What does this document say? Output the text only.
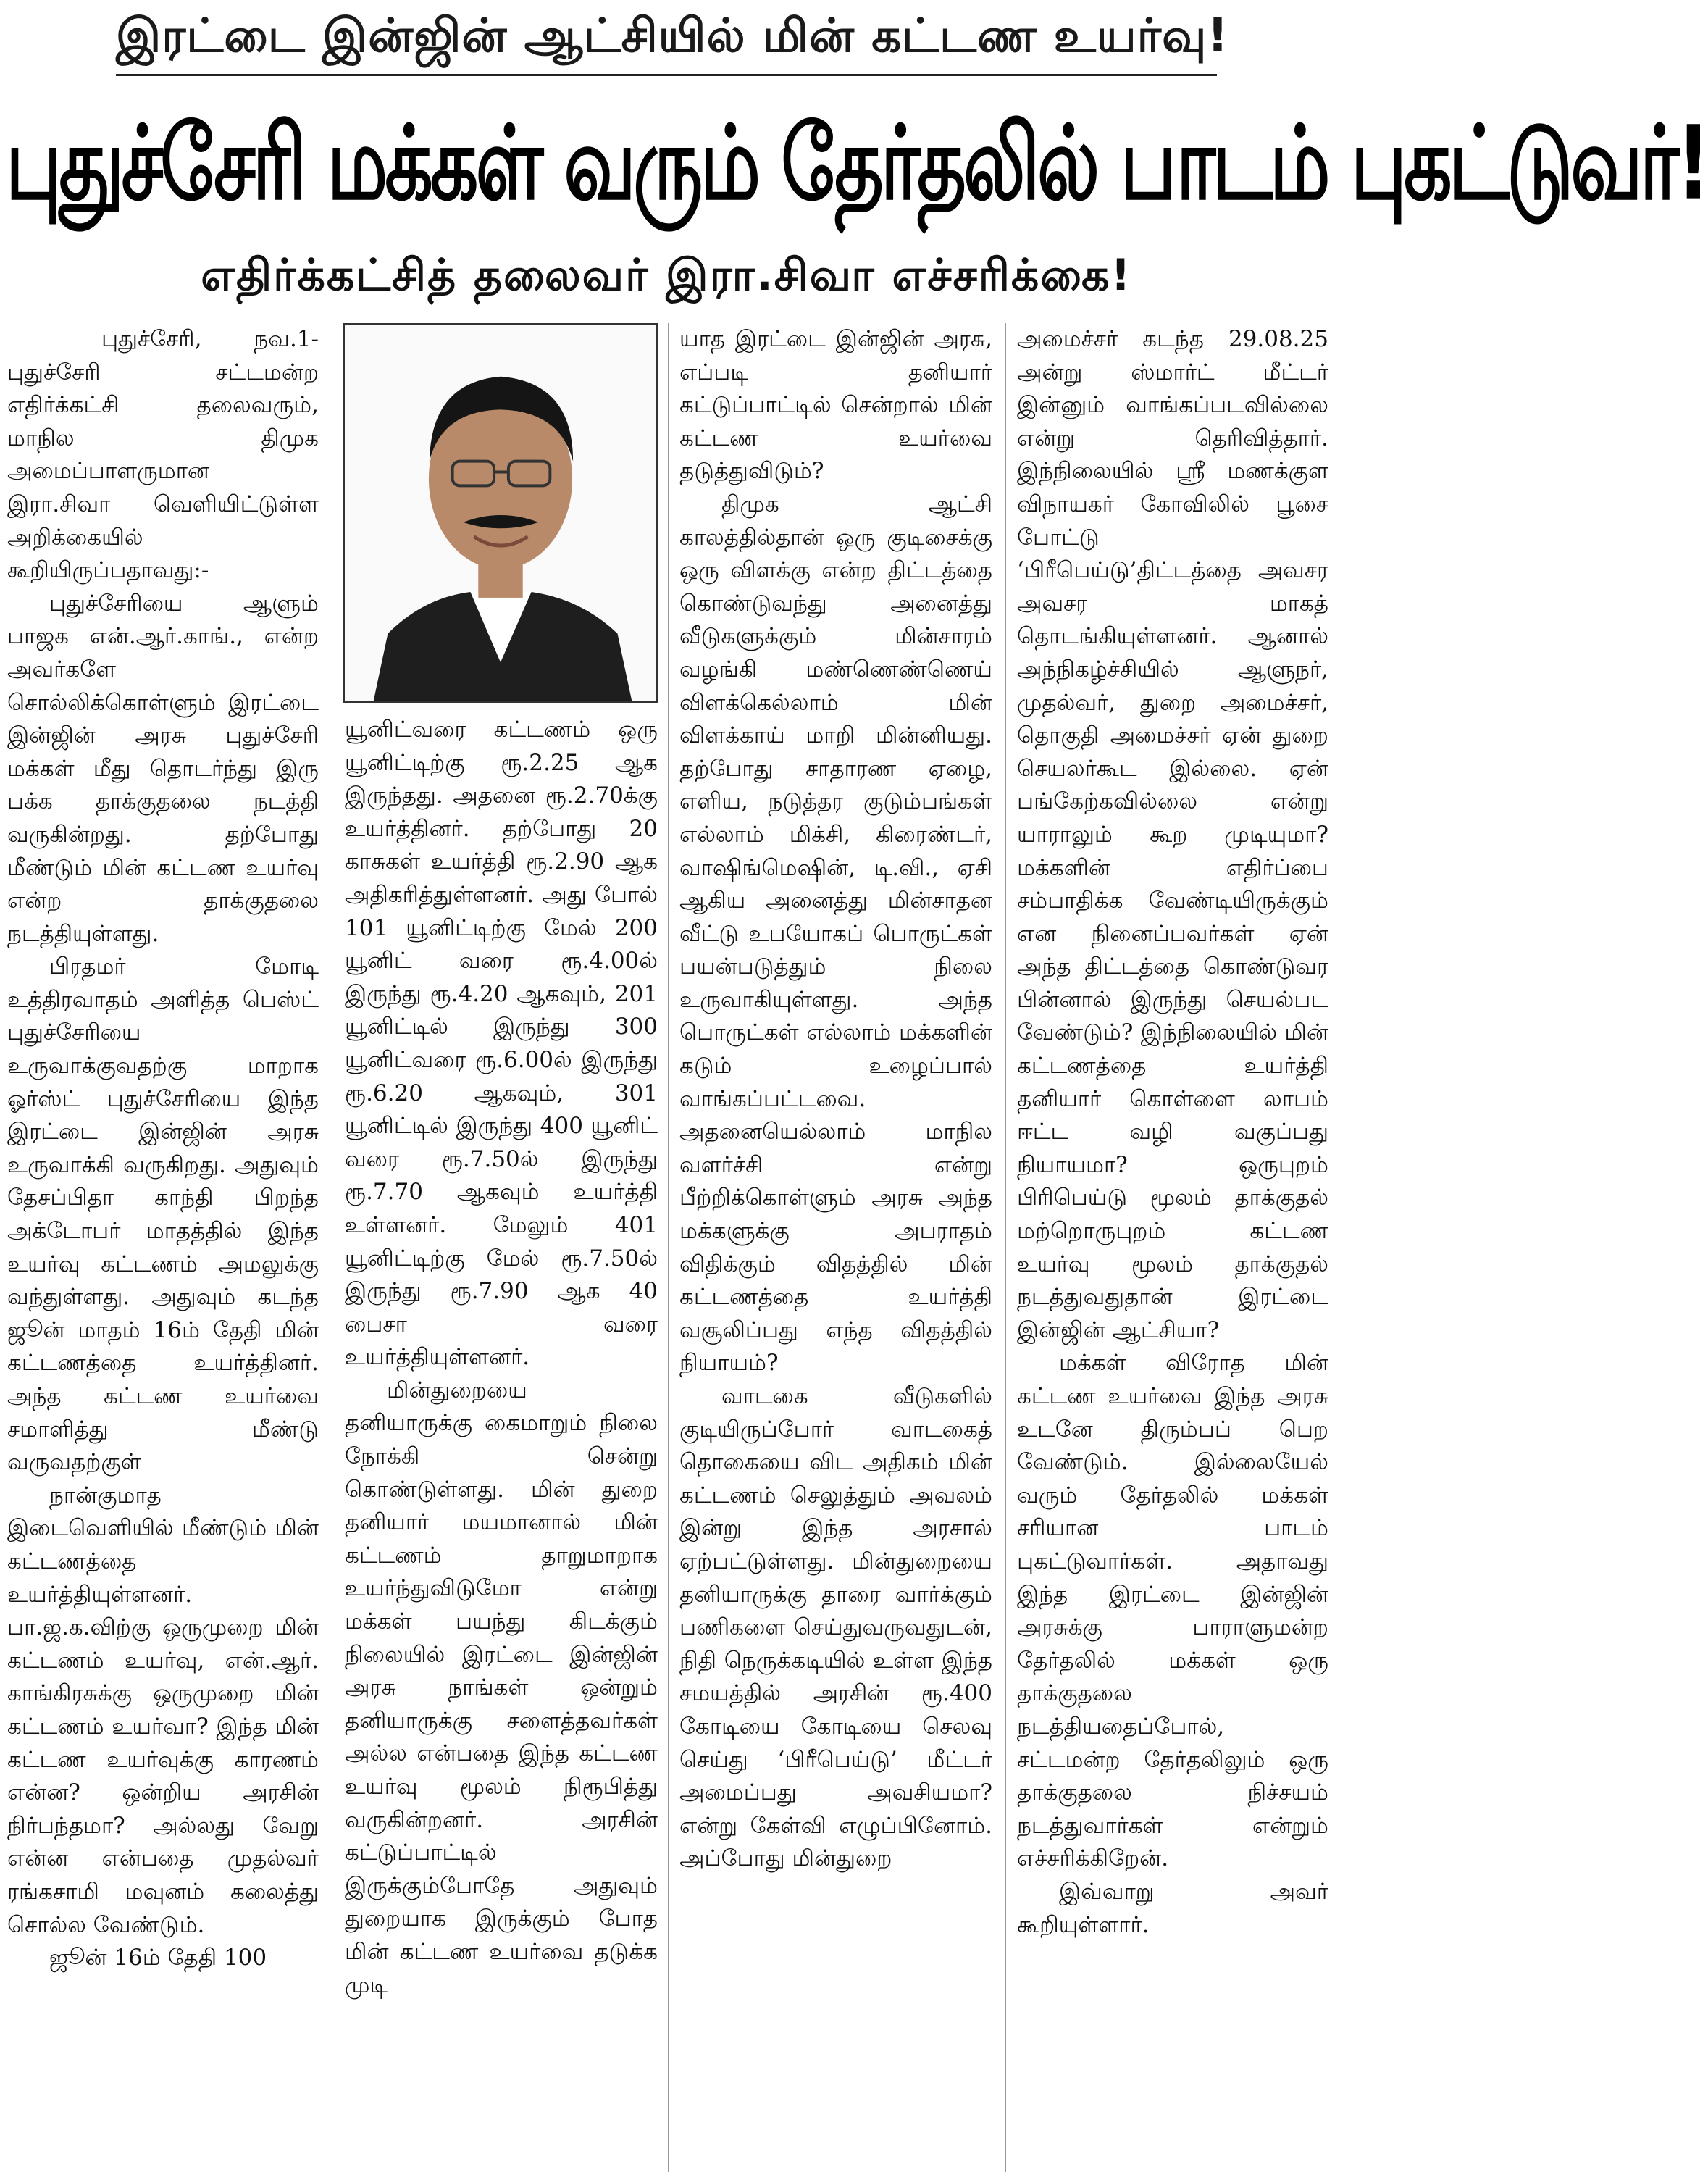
இரட்டை இன்ஜின் ஆட்சியில் மின் கட்டண உயர்வு!
புதுச்சேரி மக்கள் வரும் தேர்தலில் பாடம் புகட்டுவர்!
எதிர்க்கட்சித் தலைவர் இரா.சிவா எச்சரிக்கை!

புதுச்சேரி, நவ.1- புதுச்சேரி சட்டமன்ற எதிர்க்கட்சி தலைவரும், மாநில திமுக அமைப்பாளருமான இரா.சிவா வெளியிட்டுள்ள அறிக்கையில் கூறியிருப்பதாவது:-

புதுச்சேரியை ஆளும் பாஜக என்.ஆர்.காங்., என்ற அவர்களே சொல்லிக்கொள்ளும் இரட்டை இன்ஜின் அரசு புதுச்சேரி மக்கள் மீது தொடர்ந்து இரு பக்க தாக்குதலை நடத்தி வருகின்றது. தற்போது மீண்டும் மின் கட்டண உயர்வு என்ற தாக்குதலை நடத்தியுள்ளது.

பிரதமர் மோடி உத்திரவாதம் அளித்த பெஸ்ட் புதுச்சேரியை உருவாக்குவதற்கு மாறாக ஓர்ஸ்ட் புதுச்சேரியை இந்த இரட்டை இன்ஜின் அரசு உருவாக்கி வருகிறது. அதுவும் தேசப்பிதா காந்தி பிறந்த அக்டோபர் மாதத்தில் இந்த உயர்வு கட்டணம் அமலுக்கு வந்துள்ளது. அதுவும் கடந்த ஜூன் மாதம் 16ம் தேதி மின் கட்டணத்தை உயர்த்தினர். அந்த கட்டண உயர்வை சமாளித்து மீண்டு வருவதற்குள்

நான்குமாத இடைவெளியில் மீண்டும் மின் கட்டணத்தை உயர்த்தியுள்ளனர். பா.ஜ.க.விற்கு ஒருமுறை மின் கட்டணம் உயர்வு, என்.ஆர். காங்கிரசுக்கு ஒருமுறை மின் கட்டணம் உயர்வா? இந்த மின் கட்டண உயர்வுக்கு காரணம் என்ன? ஒன்றிய அரசின் நிர்பந்தமா? அல்லது வேறு என்ன என்பதை முதல்வர் ரங்கசாமி மவுனம் கலைத்து சொல்ல வேண்டும்.

ஜூன் 16ம் தேதி 100

யூனிட்வரை கட்டணம் ஒரு யூனிட்டிற்கு ரூ.2.25 ஆக இருந்தது. அதனை ரூ.2.70க்கு உயர்த்தினர். தற்போது 20 காசுகள் உயர்த்தி ரூ.2.90 ஆக அதிகரித்துள்ளனர். அது போல் 101 யூனிட்டிற்கு மேல் 200 யூனிட் வரை ரூ.4.00ல் இருந்து ரூ.4.20 ஆகவும், 201 யூனிட்டில் இருந்து 300 யூனிட்வரை ரூ.6.00ல் இருந்து ரூ.6.20 ஆகவும், 301 யூனிட்டில் இருந்து 400 யூனிட் வரை ரூ.7.50ல் இருந்து ரூ.7.70 ஆகவும் உயர்த்தி உள்ளனர். மேலும் 401 யூனிட்டிற்கு மேல் ரூ.7.50ல் இருந்து ரூ.7.90 ஆக 40 பைசா வரை உயர்த்தியுள்ளனர்.

மின்துறையை தனியாருக்கு கைமாறும் நிலை நோக்கி சென்று கொண்டுள்ளது. மின் துறை தனியார் மயமானால் மின் கட்டணம் தாறுமாறாக உயர்ந்துவிடுமோ என்று மக்கள் பயந்து கிடக்கும் நிலையில் இரட்டை இன்ஜின் அரசு நாங்கள் ஒன்றும் தனியாருக்கு சளைத்தவர்கள் அல்ல என்பதை இந்த கட்டண உயர்வு மூலம் நிரூபித்து வருகின்றனர். அரசின் கட்டுப்பாட்டில் இருக்கும்போதே அதுவும் துறையாக இருக்கும் போத மின் கட்டண உயர்வை தடுக்க முடி

யாத இரட்டை இன்ஜின் அரசு, எப்படி தனியார் கட்டுப்பாட்டில் சென்றால் மின் கட்டண உயர்வை தடுத்துவிடும்?

திமுக ஆட்சி காலத்தில்தான் ஒரு குடிசைக்கு ஒரு விளக்கு என்ற திட்டத்தை கொண்டுவந்து அனைத்து வீடுகளுக்கும் மின்சாரம் வழங்கி மண்ணெண்ணெய் விளக்கெல்லாம் மின் விளக்காய் மாறி மின்னியது. தற்போது சாதாரண ஏழை, எளிய, நடுத்தர குடும்பங்கள் எல்லாம் மிக்சி, கிரைண்டர், வாஷிங்மெஷின், டி.வி., ஏசி ஆகிய அனைத்து மின்சாதன வீட்டு உபயோகப் பொருட்கள் பயன்படுத்தும் நிலை உருவாகியுள்ளது. அந்த பொருட்கள் எல்லாம் மக்களின் கடும் உழைப்பால் வாங்கப்பட்டவை. அதனையெல்லாம் மாநில வளர்ச்சி என்று பீற்றிக்கொள்ளும் அரசு அந்த மக்களுக்கு அபராதம் விதிக்கும் விதத்தில் மின் கட்டணத்தை உயர்த்தி வசூலிப்பது எந்த விதத்தில் நியாயம்?

வாடகை வீடுகளில் குடியிருப்போர் வாடகைத் தொகையை விட அதிகம் மின் கட்டணம் செலுத்தும் அவலம் இன்று இந்த அரசால் ஏற்பட்டுள்ளது. மின்துறையை தனியாருக்கு தாரை வார்க்கும் பணிகளை செய்துவருவதுடன், நிதி நெருக்கடியில் உள்ள இந்த சமயத்தில் அரசின் ரூ.400 கோடியை கோடியை செலவு செய்து ‘பிரீபெய்டு’ மீட்டர் அமைப்பது அவசியமா? என்று கேள்வி எழுப்பினோம். அப்போது மின்துறை

அமைச்சர் கடந்த 29.08.25 அன்று ஸ்மார்ட் மீட்டர் இன்னும் வாங்கப்படவில்லை என்று தெரிவித்தார். இந்நிலையில் ஸ்ரீ மணக்குள விநாயகர் கோவிலில் பூசை போட்டு ‘பிரீபெய்டு’திட்டத்தை அவசர அவசர மாகத் தொடங்கியுள்ளனர். ஆனால் அந்நிகழ்ச்சியில் ஆளுநர், முதல்வர், துறை அமைச்சர், தொகுதி அமைச்சர் ஏன் துறை செயலர்கூட இல்லை. ஏன் பங்கேற்கவில்லை என்று யாராலும் கூற முடியுமா? மக்களின் எதிர்ப்பை சம்பாதிக்க வேண்டியிருக்கும் என நினைப்பவர்கள் ஏன் அந்த திட்டத்தை கொண்டுவர பின்னால் இருந்து செயல்பட வேண்டும்? இந்நிலையில் மின் கட்டணத்தை உயர்த்தி தனியார் கொள்ளை லாபம் ஈட்ட வழி வகுப்பது நியாயமா? ஒருபுறம் பிரிபெய்டு மூலம் தாக்குதல் மற்றொருபுறம் கட்டண உயர்வு மூலம் தாக்குதல் நடத்துவதுதான் இரட்டை இன்ஜின் ஆட்சியா?

மக்கள் விரோத மின் கட்டண உயர்வை இந்த அரசு உடனே திரும்பப் பெற வேண்டும். இல்லையேல் வரும் தேர்தலில் மக்கள் சரியான பாடம் புகட்டுவார்கள். அதாவது இந்த இரட்டை இன்ஜின் அரசுக்கு பாராளுமன்ற தேர்தலில் மக்கள் ஒரு தாக்குதலை நடத்தியதைப்போல், சட்டமன்ற தேர்தலிலும் ஒரு தாக்குதலை நிச்சயம் நடத்துவார்கள் என்றும் எச்சரிக்கிறேன்.

இவ்வாறு அவர் கூறியுள்ளார்.
